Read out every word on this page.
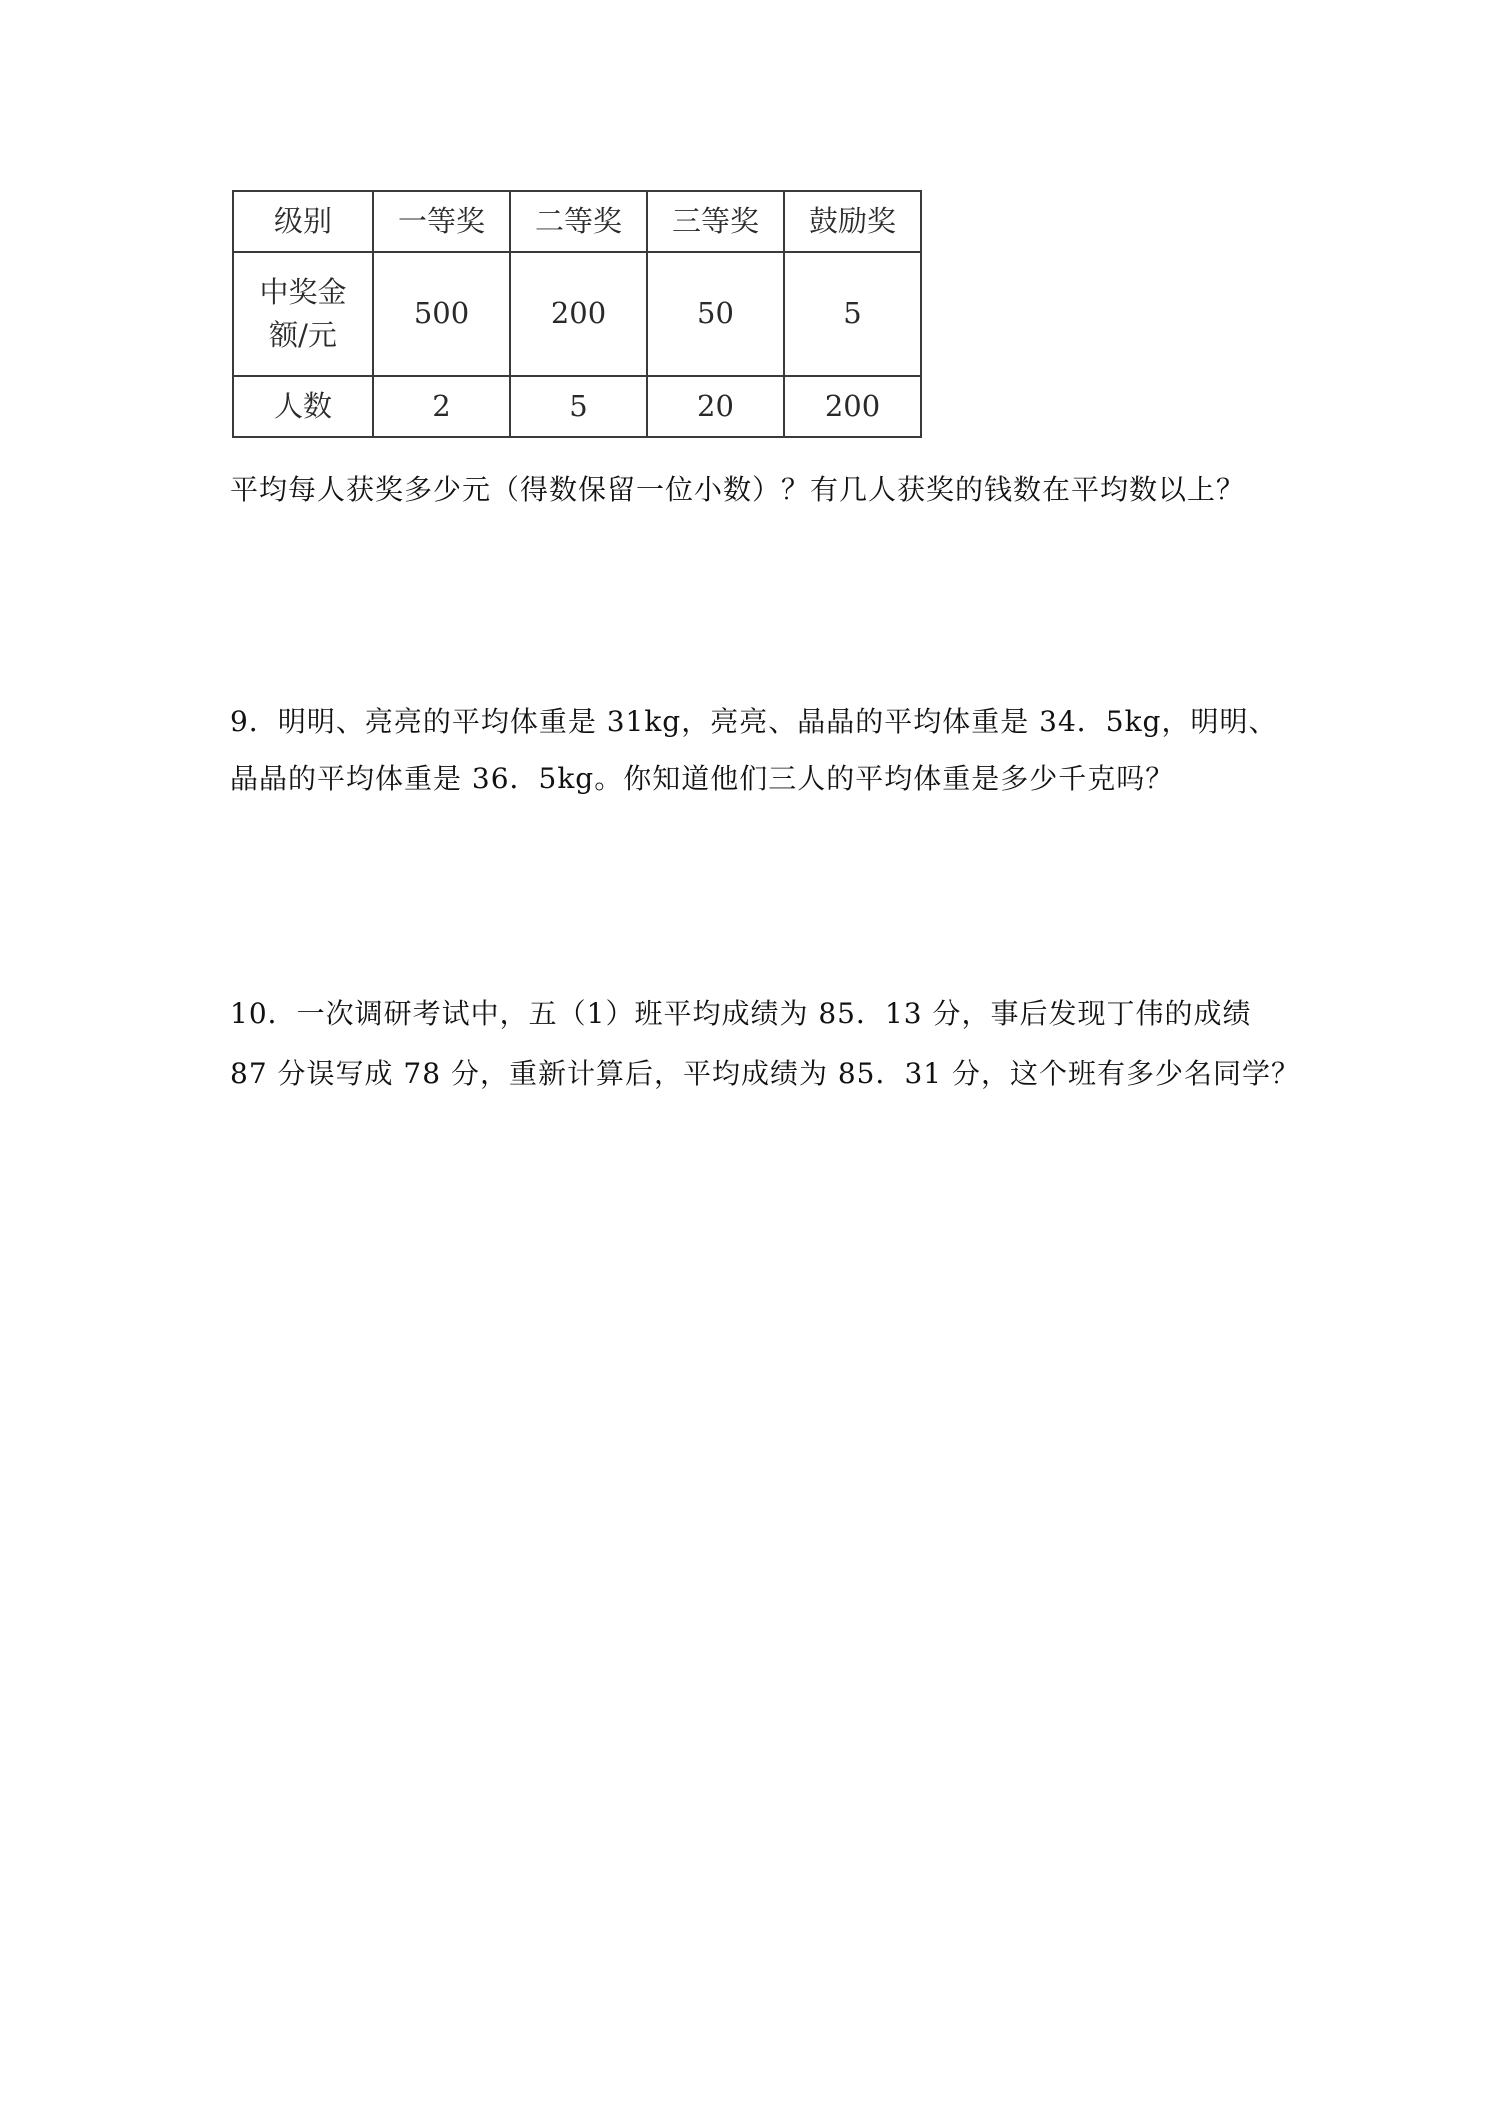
级别	一等奖	二等奖	三等奖	鼓励奖
中奖金
额/元	500	200	50	5
人数	2	5	20	200
平均每人获奖多少元（得数保留一位小数）？有几人获奖的钱数在平均数以上？
9．明明、亮亮的平均体重是 31kg，亮亮、晶晶的平均体重是 34．5kg，明明、
晶晶的平均体重是 36．5kg。你知道他们三人的平均体重是多少千克吗？
10．一次调研考试中，五（1）班平均成绩为 85．13 分，事后发现丁伟的成绩
87 分误写成 78 分，重新计算后，平均成绩为 85．31 分，这个班有多少名同学？
